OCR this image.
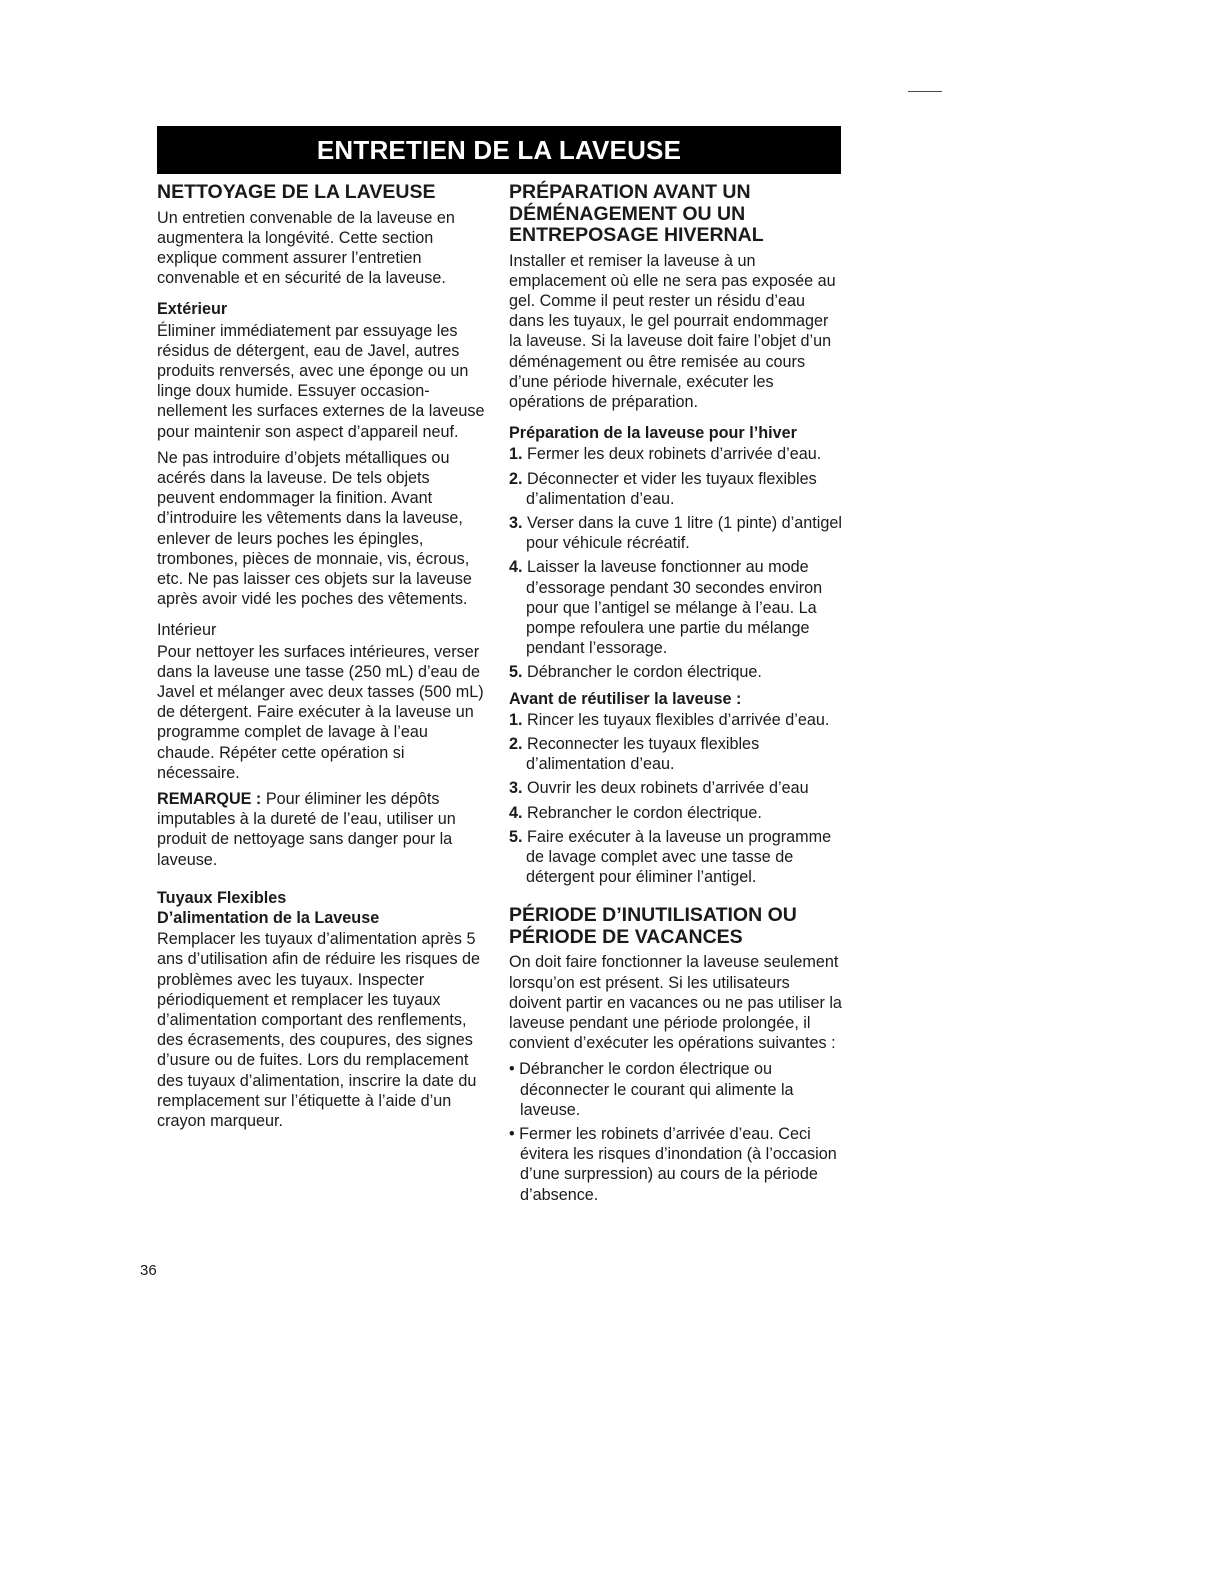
ENTRETIEN DE LA LAVEUSE
NETTOYAGE DE LA LAVEUSE

Un entretien convenable de la laveuse en augmentera la longévité. Cette section explique comment assurer l’entretien convenable et en sécurité de la laveuse.

Extérieur

Éliminer immédiatement par essuyage les résidus de détergent, eau de Javel, autres produits renversés, avec une éponge ou un linge doux humide. Essuyer occasionnellement les surfaces externes de la laveuse pour maintenir son aspect d’appareil neuf.

Ne pas introduire d’objets métalliques ou acérés dans la laveuse. De tels objets peuvent endommager la finition. Avant d’introduire les vêtements dans la laveuse, enlever de leurs poches les épingles, trombones, pièces de monnaie, vis, écrous, etc. Ne pas laisser ces objets sur la laveuse après avoir vidé les poches des vêtements.

Intérieur

Pour nettoyer les surfaces intérieures, verser dans la laveuse une tasse (250 mL) d’eau de Javel et mélanger avec deux tasses (500 mL) de détergent. Faire exécuter à la laveuse un programme complet de lavage à l’eau chaude. Répéter cette opération si nécessaire.

REMARQUE : Pour éliminer les dépôts imputables à la dureté de l’eau, utiliser un produit de nettoyage sans danger pour la laveuse.

Tuyaux Flexibles
D’alimentation de la Laveuse

Remplacer les tuyaux d’alimentation après 5 ans d’utilisation afin de réduire les risques de problèmes avec les tuyaux. Inspecter périodiquement et remplacer les tuyaux d’alimentation comportant des renflements, des écrasements, des coupures, des signes d’usure ou de fuites. Lors du remplacement des tuyaux d’alimentation, inscrire la date du remplacement sur l’étiquette à l’aide d’un crayon marqueur.

PRÉPARATION AVANT UN DÉMÉNAGEMENT OU UN ENTREPOSAGE HIVERNAL

Installer et remiser la laveuse à un emplacement où elle ne sera pas exposée au gel. Comme il peut rester un résidu d’eau dans les tuyaux, le gel pourrait endommager la laveuse. Si la laveuse doit faire l’objet d’un déménagement ou être remisée au cours d’une période hivernale, exécuter les opérations de préparation.

Préparation de la laveuse pour l’hiver
1. Fermer les deux robinets d’arrivée d’eau.
2. Déconnecter et vider les tuyaux flexibles d’alimentation d’eau.
3. Verser dans la cuve 1 litre (1 pinte) d’antigel pour véhicule récréatif.
4. Laisser la laveuse fonctionner au mode d’essorage pendant 30 secondes environ pour que l’antigel se mélange à l’eau. La pompe refoulera une partie du mélange pendant l’essorage.
5. Débrancher le cordon électrique.
Avant de réutiliser la laveuse :
1. Rincer les tuyaux flexibles d’arrivée d’eau.
2. Reconnecter les tuyaux flexibles d’alimentation d’eau.
3. Ouvrir les deux robinets d’arrivée d’eau
4. Rebrancher le cordon électrique.
5. Faire exécuter à la laveuse un programme de lavage complet avec une tasse de détergent pour éliminer l’antigel.
PÉRIODE D’INUTILISATION OU PÉRIODE DE VACANCES

On doit faire fonctionner la laveuse seulement lorsqu’on est présent. Si les utilisateurs doivent partir en vacances ou ne pas utiliser la laveuse pendant une période prolongée, il convient d’exécuter les opérations suivantes :

• Débrancher le cordon électrique ou déconnecter le courant qui alimente la laveuse.
• Fermer les robinets d’arrivée d’eau. Ceci évitera les risques d’inondation (à l’occasion d’une surpression) au cours de la période d’absence.
36
